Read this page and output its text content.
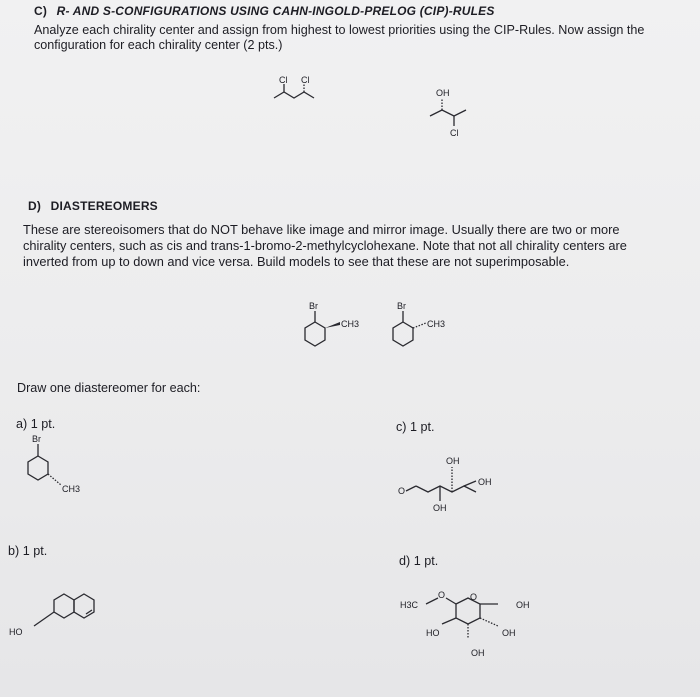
C) R- AND S-CONFIGURATIONS USING CAHN-INGOLD-PRELOG (CIP)-RULES
Analyze each chirality center and assign from highest to lowest priorities using the CIP-Rules. Now assign the
configuration for each chirality center (2 pts.)
Cl Cl
OH
Cl
D) DIASTEREOMERS
These are stereoisomers that do NOT behave like image and mirror image. Usually there are two or more
chirality centers, such as cis and trans-1-bromo-2-methylcyclohexane. Note that not all chirality centers are
inverted from up to down and vice versa. Build models to see that these are not superimposable.
Br
CH3
Br
CH3
Draw one diastereomer for each:
a) 1 pt.
Br
CH3
b) 1 pt.
HO
c) 1 pt.
O
OH
OH
OH
d) 1 pt.
H3C
O	O
OH
HO	OH
OH
